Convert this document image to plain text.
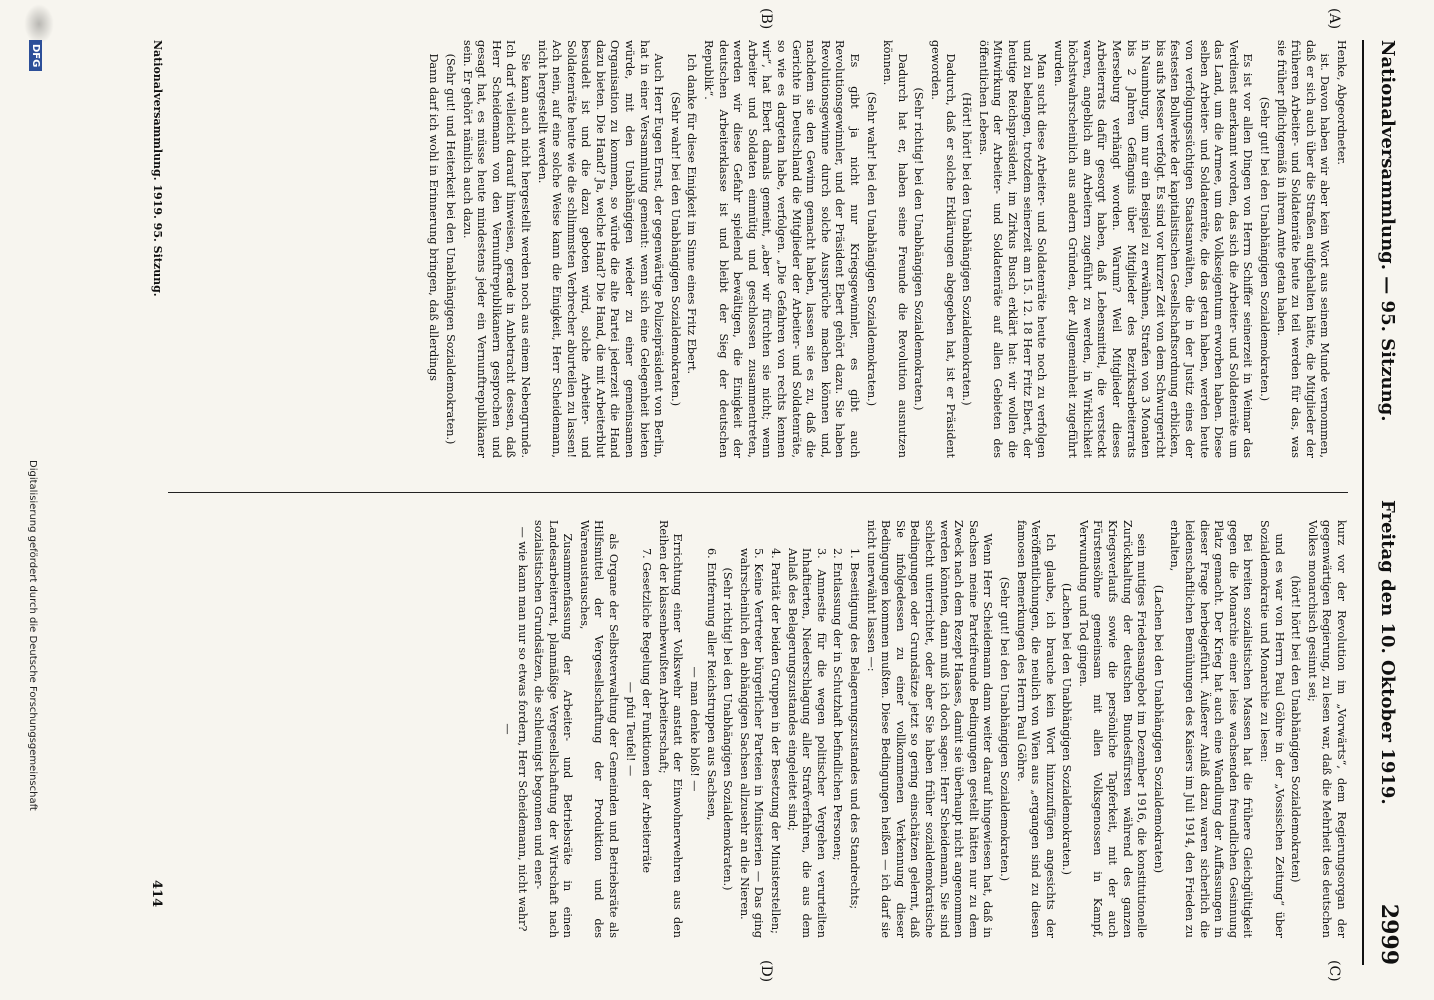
Nationalversammlung. — 95. Sitzung.
Freitag den 10. Oktober 1919.
2999
(A)
(B)
(C)
(D)

Henke, Abgeordneter.

ist. Davon haben wir aber kein Wort aus seinem Munde vernommen, daß er sich auch über die Straßen aufgehalten hätte, die Mitglieder der früheren Arbeiter- und Soldatenräte heute zu teil werden für das, was sie früher pflichtgemäß in ihrem Amte getan haben.

(Sehr gut! bei den Unabhängigen Sozialdemokraten.)

Es ist vor allen Dingen von Herrn Schiffer seinerzeit in Weimar das Verdienst anerkannt worden, das sich die Arbeiter- und Soldatenräte um das Land, um die Armee, um das Volkseigentum erworben haben. Diese selben Arbeiter- und Soldatenräte, die das getan haben, werden heute von verfolgungssüchtigen Staatsanwälten, die in der Justiz eines der festesten Bollwerke der kapitalistischen Gesellschaftsordnung erblicken, bis aufs Messer verfolgt. Es sind vor kurzer Zeit von dem Schwurgericht in Naumburg, um nur ein Beispiel zu erwähnen, Strafen von 3 Monaten bis 2 Jahren Gefängnis über Mitglieder des Bezirksarbeiterrats Merseburg verhängt worden. Warum? Weil Mitglieder dieses Arbeiterrats dafür gesorgt haben, daß Lebensmittel, die versteckt waren, angeblich am Arbeitern zugeführt zu werden, in Wirklichkeit höchstwahrscheinlich aus andern Gründen, der Allgemeinheit zugeführt wurden.

Man sucht diese Arbeiter- und Soldatenräte heute noch zu verfolgen und zu belangen, trotzdem seinerzeit am 15. 12. 18 Herr Fritz Ebert, der heutige Reichspräsident, im Zirkus Busch erklärt hat: wir wollen die Mitwirkung der Arbeiter- und Soldatenräte auf allen Gebieten des öffentlichen Lebens.

(Hört! hört! bei den Unabhängigen Sozialdemokraten.)

Dadurch, daß er solche Erklärungen abgegeben hat, ist er Präsident geworden.

(Sehr richtig! bei den Unabhängigen Sozialdemokraten.)

Dadurch hat er, haben seine Freunde die Revolution ausnutzen können.

(Sehr wahr! bei den Unabhängigen Sozialdemokraten.)

Es gibt ja nicht nur Kriegsgewinnler, es gibt auch Revolutionsgewinnler, und der Präsident Ebert gehört dazu. Sie haben Revolutionsgewinne durch solche Aussprüche machen können und, nachdem sie den Gewinn gemacht haben, lassen sie es zu, daß die Gerichte in Deutschland die Mitglieder der Arbeiter- und Soldatenräte, so wie es dargetan habe, verfolgen. „Die Gefahren von rechts kennen wir“, hat Ebert damals gemeint, „aber wir fürchten sie nicht; wenn Arbeiter und Soldaten einmütig und geschlossen zusammentreten, werden wir diese Gefahr spielend bewältigen, die Einigkeit der deutschen Arbeiterklasse ist und bleibt der Sieg der deutschen Republik“.

Ich danke für diese Einigkeit im Sinne eines Fritz Ebert.

(Sehr wahr! bei den Unabhängigen Sozialdemokraten.)

Auch Herr Eugen Ernst, der gegenwärtige Polizeipräsident von Berlin, hat in einer Versammlung gemeint: wenn sich eine Gelegenheit bieten würde, mit den Unabhängigen wieder zu einer gemeinsamen Organisation zu kommen, so würde die alte Partei jederzeit die Hand dazu bieten. Die Hand? Ja, welche Hand? Die Hand, die mit Arbeiterblut besudelt ist und die dazu geboten wird, solche Arbeiter- und Soldatenräte heute wie die schlimmsten Verbrecher aburteilen zu lassen! Ach nein, auf eine solche Weise kann die Einigkeit, Herr Scheidemann, nicht hergestellt werden.

Sie kann auch nicht hergestellt werden noch aus einem Nebengrunde. Ich darf vielleicht darauf hinweisen, gerade in Anbetracht dessen, daß Herr Scheidemann von den Vernunftrepublikanern gesprochen und gesagt hat, es müsse heute mindestens jeder ein Vernunftrepublikaner sein. Er gehört nämlich auch dazu.

(Sehr gut! und Heiterkeit bei den Unabhängigen Sozialdemokraten.)

Dann darf ich wohl in Erinnerung bringen, daß allerdings

kurz vor der Revolution im „Vorwärts“, dem Regierungsorgan der gegenwärtigen Regierung, zu lesen war, daß die Mehrheit des deutschen Volkes monarchisch gesinnt sei;

(hört! hört! bei den Unabhängigen Sozialdemokraten)

und es war von Herrn Paul Göhre in der „Vossischen Zeitung“ über Sozialdemokratie und Monarchie zu lesen:

Bei breiten sozialistischen Massen hat die frühere Gleichgültigkeit gegen die Monarchie einer leise wachsenden freundlichen Gesinnung Platz gemacht. Der Krieg hat auch eine Wandlung der Auffassungen in dieser Frage herbeigeführt. Äußerer Anlaß dazu waren sicherlich die leidenschaftlichen Bemühungen des Kaisers im Juli 1914, den Frieden zu erhalten,

(Lachen bei den Unabhängigen Sozialdemokraten)

sein mutiges Friedensangebot im Dezember 1916, die konstitutionelle Zurückhaltung der deutschen Bundesfürsten während des ganzen Kriegsverlaufs sowie die persönliche Tapferkeit, mit der auch Fürstensöhne gemeinsam mit allen Volksgenossen in Kampf, Verwundung und Tod gingen.

(Lachen bei den Unabhängigen Sozialdemokraten.)

Ich glaube, ich brauche kein Wort hinzuzufügen angesichts der Veröffentlichungen, die neulich von Wien aus „ergangen sind zu diesen famosen Bemerkungen des Herrn Paul Göhre.

(Sehr gut! bei den Unabhängigen Sozialdemokraten.)

Wenn Herr Scheidemann dann weiter darauf hingewiesen hat, daß in Sachsen meine Parteifreunde Bedingungen gestellt hätten nur zu dem Zweck nach dem Rezept Haases, damit sie überhaupt nicht angenommen werden könnten, dann muß ich doch sagen: Herr Scheidemann, Sie sind schlecht unterrichtet, oder aber Sie haben früher sozialdemokratische Bedingungen oder Grundsätze jetzt so gering einschätzen gelernt, daß Sie infolgedessen zu einer vollkommenen Verkennung dieser Bedingungen kommen mußten. Diese Bedingungen heißen — ich darf sie nicht unerwähnt lassen —:

1. Beseitigung des Belagerungszustandes und des Standrechts;

2. Entlassung der in Schutzhaft befindlichen Personen;

3. Amnestie für die wegen politischer Vergehen verurteilten Inhaftierten, Niederschlagung aller Strafverfahren, die aus dem Anlaß des Belagerungszustandes eingeleitet sind;

4. Parität der beiden Gruppen in der Besetzung der Ministerstellen;

5. Keine Vertreter bürgerlicher Parteien in Ministerien — Das ging wahrscheinlich den abhängigen Sachsen allzusehr an die Nieren.

(Sehr richtig! bei den Unabhängigen Sozialdemokraten.)

6. Entfernung aller Reichstruppen aus Sachsen,

— man denke bloß! —

Errichtung einer Volkswehr anstatt der Einwohnerwehren aus den Reihen der klassenbewußten Arbeiterschaft;

7. Gesetzliche Regelung der Funktionen der Arbeiterräte

— pfui Teufel! —

als Organe der Selbstverwaltung der Gemeinden und Betriebsräte als Hilfsmittel der Vergesellschaftung der Produktion und des Warenaustausches,

Zusammenfassung der Arbeiter- und Betriebsräte in einen Landesarbeiterrat, planmäßige Vergesellschaftung der Wirtschaft nach sozialistischen Grundsätzen, die schleunigst begonnen und ener-

— wie kann man nur so etwas fordern, Herr Scheidemann, nicht wahr? —

Nationalversammlung. 1919. 95. Sitzung.
414
DFG
Digitalisierung gefördert durch die Deutsche Forschungsgemeinschaft
